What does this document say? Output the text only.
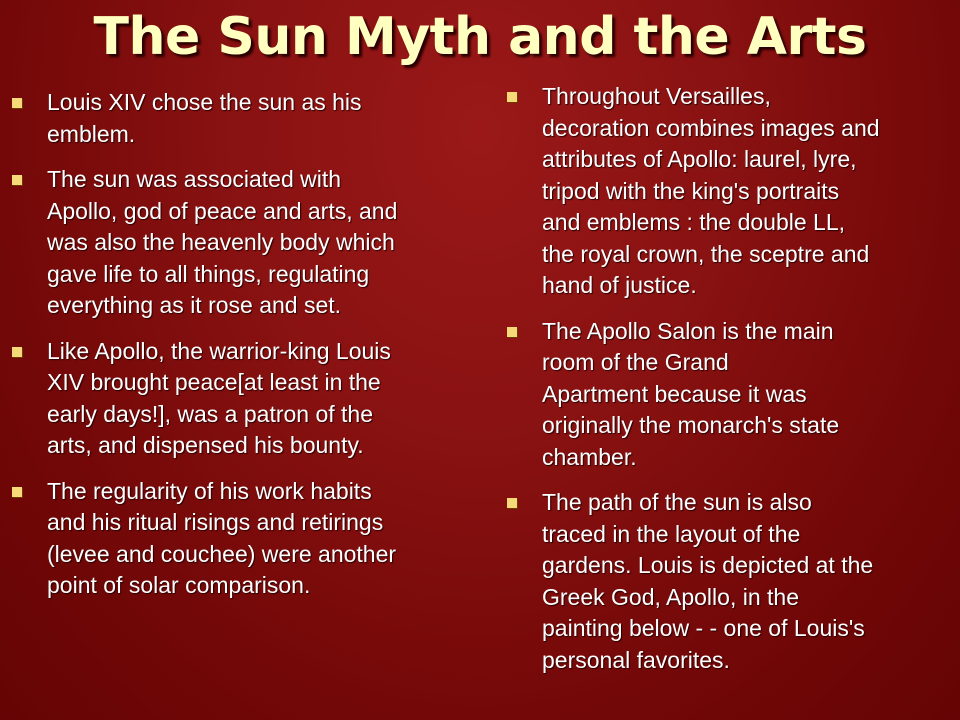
The Sun Myth and the Arts
Louis XIV chose the sun as his
emblem.
The sun was associated with
Apollo, god of peace and arts, and
was also the heavenly body which
gave life to all things, regulating
everything as it rose and set.
Like Apollo, the warrior-king Louis
XIV brought peace[at least in the
early days!], was a patron of the
arts, and dispensed his bounty.
The regularity of his work habits
and his ritual risings and retirings
(levee and couchee) were another
point of solar comparison.
Throughout Versailles,
decoration combines images and
attributes of Apollo: laurel, lyre,
tripod with the king's portraits
and emblems : the double LL,
the royal crown, the sceptre and
hand of justice.
The Apollo Salon is the main
room of the Grand
Apartment because it was
originally the monarch's state
chamber.
The path of the sun is also
traced in the layout of the
gardens. Louis is depicted at the
Greek God, Apollo, in the
painting below - - one of Louis's
personal favorites.
